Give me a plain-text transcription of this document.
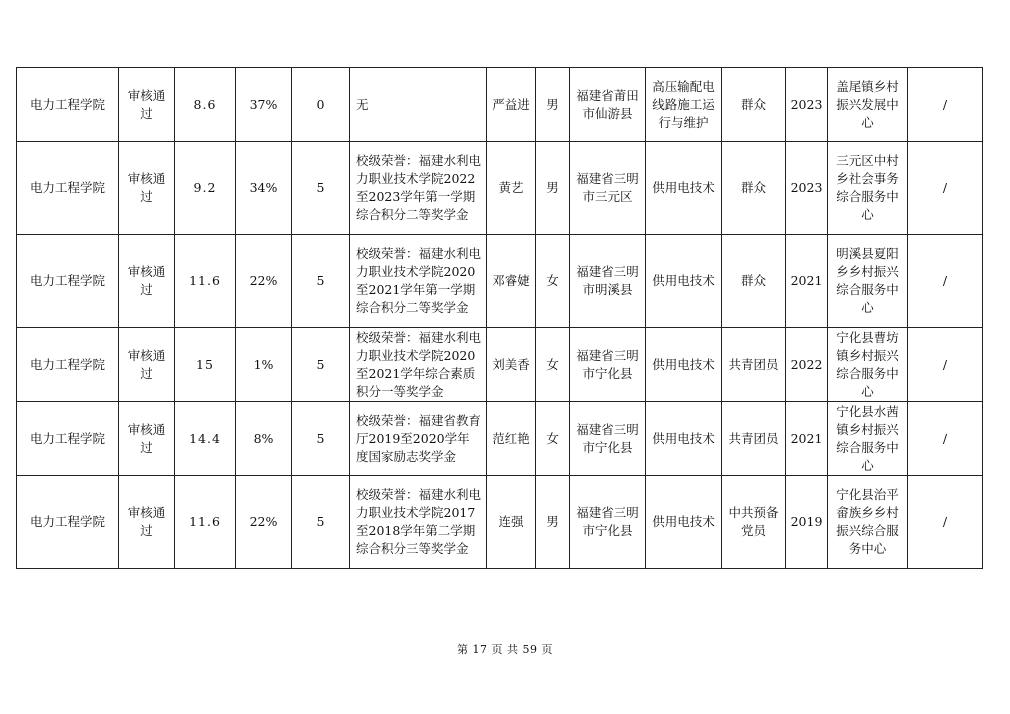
电力工程学院	审核通过	8.6	37%	0	无	严益进	男	福建省莆田市仙游县	高压输配电线路施工运行与维护	群众	2023	盖尾镇乡村振兴发展中心	/
电力工程学院	审核通过	9.2	34%	5	校级荣誉：福建水利电力职业技术学院2022至2023学年第一学期综合积分二等奖学金	黄艺	男	福建省三明市三元区	供用电技术	群众	2023	三元区中村乡社会事务综合服务中心	/
电力工程学院	审核通过	11.6	22%	5	校级荣誉：福建水利电力职业技术学院2020至2021学年第一学期综合积分二等奖学金	邓睿婕	女	福建省三明市明溪县	供用电技术	群众	2021	明溪县夏阳乡乡村振兴综合服务中心	/
电力工程学院	审核通过	15	1%	5	校级荣誉：福建水利电力职业技术学院2020至2021学年综合素质积分一等奖学金	刘美香	女	福建省三明市宁化县	供用电技术	共青团员	2022	宁化县曹坊镇乡村振兴综合服务中心	/
电力工程学院	审核通过	14.4	8%	5	校级荣誉：福建省教育厅2019至2020学年度国家励志奖学金	范红艳	女	福建省三明市宁化县	供用电技术	共青团员	2021	宁化县水茜镇乡村振兴综合服务中心	/
电力工程学院	审核通过	11.6	22%	5	校级荣誉：福建水利电力职业技术学院2017至2018学年第二学期综合积分三等奖学金	连强	男	福建省三明市宁化县	供用电技术	中共预备党员	2019	宁化县治平畲族乡乡村振兴综合服务中心	/
第 17 页 共 59 页
